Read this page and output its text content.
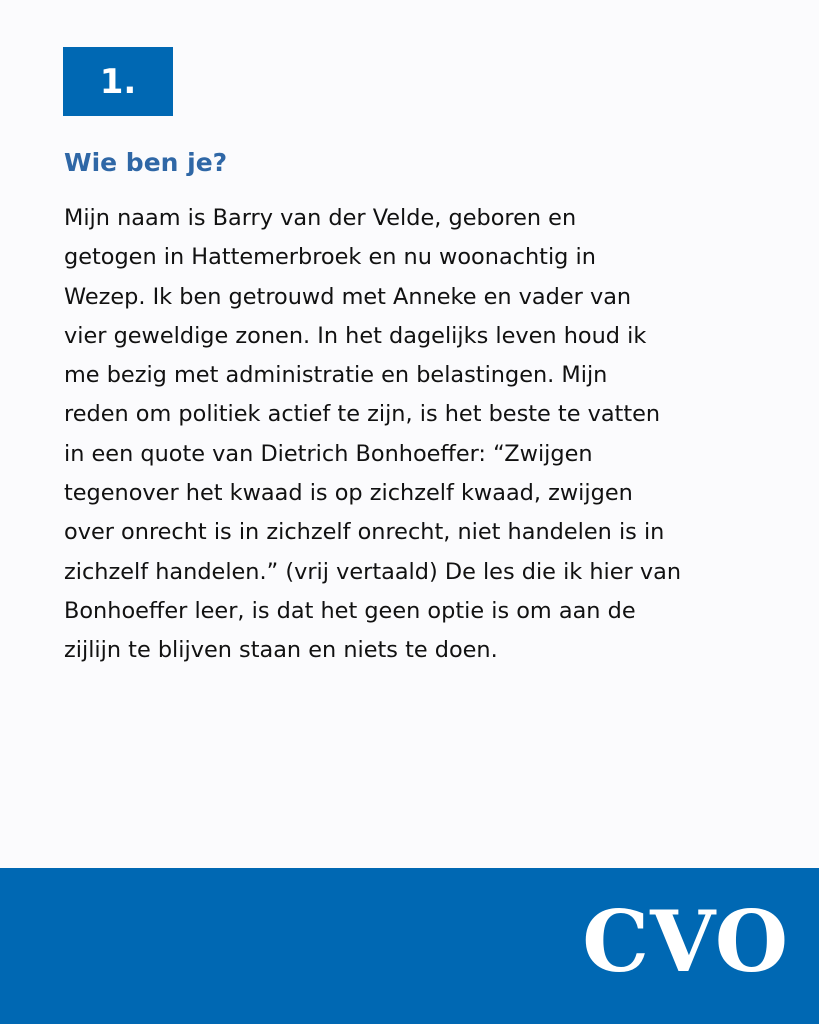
1.
Wie ben je?

Mijn naam is Barry van der Velde, geboren en
getogen in Hattemerbroek en nu woonachtig in
Wezep. Ik ben getrouwd met Anneke en vader van
vier geweldige zonen. In het dagelijks leven houd ik
me bezig met administratie en belastingen. Mijn
reden om politiek actief te zijn, is het beste te vatten
in een quote van Dietrich Bonhoeffer: “Zwijgen
tegenover het kwaad is op zichzelf kwaad, zwijgen
over onrecht is in zichzelf onrecht, niet handelen is in
zichzelf handelen.” (vrij vertaald) De les die ik hier van
Bonhoeffer leer, is dat het geen optie is om aan de
zijlijn te blijven staan en niets te doen.

CVO
